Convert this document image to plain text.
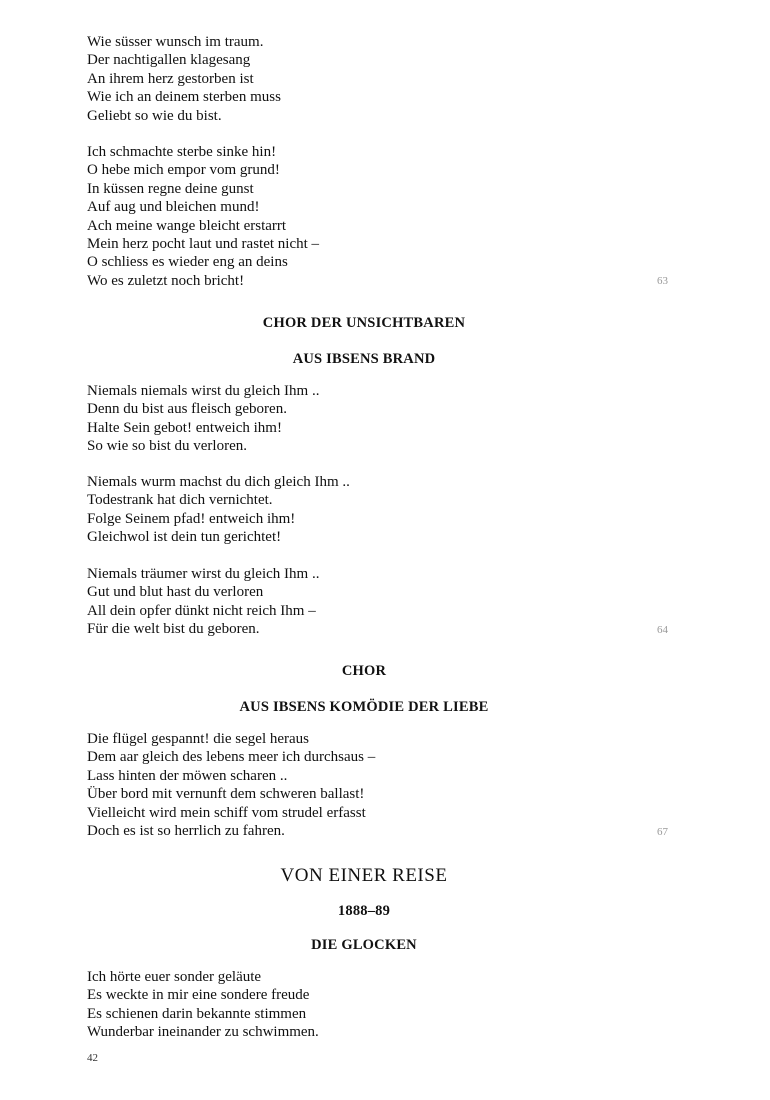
Wie süsser wunsch im traum.
Der nachtigallen klagesang
An ihrem herz gestorben ist
Wie ich an deinem sterben muss
Geliebt so wie du bist.
Ich schmachte sterbe sinke hin!
O hebe mich empor vom grund!
In küssen regne deine gunst
Auf aug und bleichen mund!
Ach meine wange bleicht erstarrt
Mein herz pocht laut und rastet nicht –
O schliess es wieder eng an deins
Wo es zuletzt noch bricht!	63
CHOR DER UNSICHTBAREN
AUS IBSENS BRAND
Niemals niemals wirst du gleich Ihm ..
Denn du bist aus fleisch geboren.
Halte Sein gebot! entweich ihm!
So wie so bist du verloren.
Niemals wurm machst du dich gleich Ihm ..
Todestrank hat dich vernichtet.
Folge Seinem pfad! entweich ihm!
Gleichwol ist dein tun gerichtet!
Niemals träumer wirst du gleich Ihm ..
Gut und blut hast du verloren
All dein opfer dünkt nicht reich Ihm –
Für die welt bist du geboren.	64
CHOR
AUS IBSENS KOMÖDIE DER LIEBE
Die flügel gespannt! die segel heraus
Dem aar gleich des lebens meer ich durchsaus –
Lass hinten der möwen scharen ..
Über bord mit vernunft dem schweren ballast!
Vielleicht wird mein schiff vom strudel erfasst
Doch es ist so herrlich zu fahren.	67
VON EINER REISE
1888–89
DIE GLOCKEN
Ich hörte euer sonder geläute
Es weckte in mir eine sondere freude
Es schienen darin bekannte stimmen
Wunderbar ineinander zu schwimmen.
42
